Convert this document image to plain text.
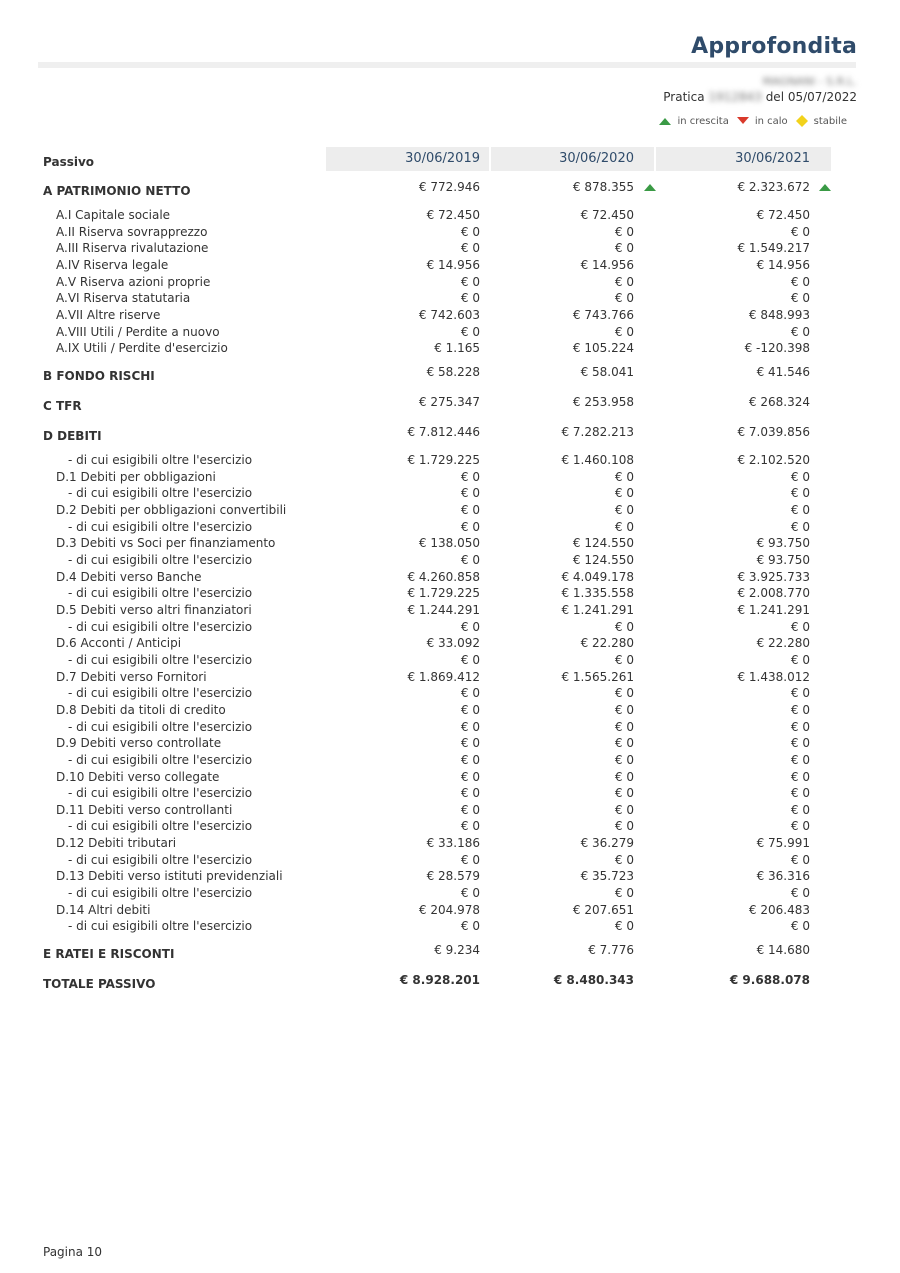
Approfondita
MAGNANI - S.R.L.
Pratica 1912843 del 05/07/2022
in crescita	in calo	stabile
Passivo	30/06/2019	30/06/2020	30/06/2021
A PATRIMONIO NETTO	€ 772.946	€ 878.355	€ 2.323.672
A.I Capitale sociale	€ 72.450	€ 72.450	€ 72.450
A.II Riserva sovrapprezzo	€ 0	€ 0	€ 0
A.III Riserva rivalutazione	€ 0	€ 0	€ 1.549.217
A.IV Riserva legale	€ 14.956	€ 14.956	€ 14.956
A.V Riserva azioni proprie	€ 0	€ 0	€ 0
A.VI Riserva statutaria	€ 0	€ 0	€ 0
A.VII Altre riserve	€ 742.603	€ 743.766	€ 848.993
A.VIII Utili / Perdite a nuovo	€ 0	€ 0	€ 0
A.IX Utili / Perdite d'esercizio	€ 1.165	€ 105.224	€ -120.398
B FONDO RISCHI	€ 58.228	€ 58.041	€ 41.546
C TFR	€ 275.347	€ 253.958	€ 268.324
D DEBITI	€ 7.812.446	€ 7.282.213	€ 7.039.856
- di cui esigibili oltre l'esercizio	€ 1.729.225	€ 1.460.108	€ 2.102.520
D.1 Debiti per obbligazioni	€ 0	€ 0	€ 0
- di cui esigibili oltre l'esercizio	€ 0	€ 0	€ 0
D.2 Debiti per obbligazioni convertibili	€ 0	€ 0	€ 0
- di cui esigibili oltre l'esercizio	€ 0	€ 0	€ 0
D.3 Debiti vs Soci per finanziamento	€ 138.050	€ 124.550	€ 93.750
- di cui esigibili oltre l'esercizio	€ 0	€ 124.550	€ 93.750
D.4 Debiti verso Banche	€ 4.260.858	€ 4.049.178	€ 3.925.733
- di cui esigibili oltre l'esercizio	€ 1.729.225	€ 1.335.558	€ 2.008.770
D.5 Debiti verso altri finanziatori	€ 1.244.291	€ 1.241.291	€ 1.241.291
- di cui esigibili oltre l'esercizio	€ 0	€ 0	€ 0
D.6 Acconti / Anticipi	€ 33.092	€ 22.280	€ 22.280
- di cui esigibili oltre l'esercizio	€ 0	€ 0	€ 0
D.7 Debiti verso Fornitori	€ 1.869.412	€ 1.565.261	€ 1.438.012
- di cui esigibili oltre l'esercizio	€ 0	€ 0	€ 0
D.8 Debiti da titoli di credito	€ 0	€ 0	€ 0
- di cui esigibili oltre l'esercizio	€ 0	€ 0	€ 0
D.9 Debiti verso controllate	€ 0	€ 0	€ 0
- di cui esigibili oltre l'esercizio	€ 0	€ 0	€ 0
D.10 Debiti verso collegate	€ 0	€ 0	€ 0
- di cui esigibili oltre l'esercizio	€ 0	€ 0	€ 0
D.11 Debiti verso controllanti	€ 0	€ 0	€ 0
- di cui esigibili oltre l'esercizio	€ 0	€ 0	€ 0
D.12 Debiti tributari	€ 33.186	€ 36.279	€ 75.991
- di cui esigibili oltre l'esercizio	€ 0	€ 0	€ 0
D.13 Debiti verso istituti previdenziali	€ 28.579	€ 35.723	€ 36.316
- di cui esigibili oltre l'esercizio	€ 0	€ 0	€ 0
D.14 Altri debiti	€ 204.978	€ 207.651	€ 206.483
- di cui esigibili oltre l'esercizio	€ 0	€ 0	€ 0
E RATEI E RISCONTI	€ 9.234	€ 7.776	€ 14.680
TOTALE PASSIVO	€ 8.928.201	€ 8.480.343	€ 9.688.078
Pagina 10
